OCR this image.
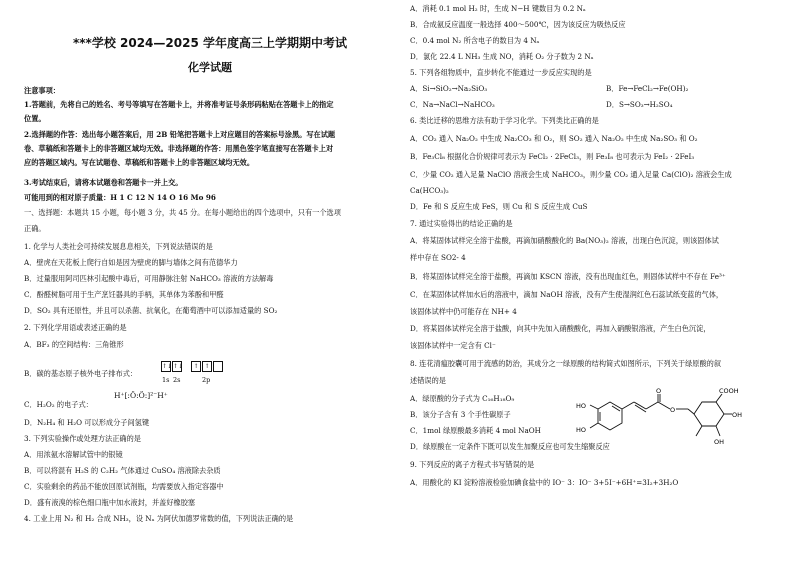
***学校 2024—2025 学年度高三上学期期中考试
化学试题
注意事项：
1.答题前，先将自己的姓名、考号等填写在答题卡上，并将准考证号条形码粘贴在答题卡上的指定
位置。
2.选择题的作答：选出每小题答案后，用 2B 铅笔把答题卡上对应题目的答案标号涂黑。写在试题
卷、草稿纸和答题卡上的非答题区域均无效。非选择题的作答：用黑色签字笔直接写在答题卡上对
应的答题区域内。写在试题卷、草稿纸和答题卡上的非答题区域均无效。
3.考试结束后，请将本试题卷和答题卡一并上交。
可能用到的相对原子质量：H 1 C 12 N 14 O 16 Mo 96
一、选择题：本题共 15 小题，每小题 3 分，共 45 分。在每小题给出的四个选项中，只有一个选项
正确。
1. 化学与人类社会可持续发展息息相关，下列说法错误的是
A．壁虎在天花板上爬行自如是因为壁虎的脚与墙体之间有范德华力
B．过量服用阿司匹林引起酸中毒后，可用静脉注射 NaHCO₃ 溶液的方法解毒
C．酚醛树脂可用于生产烹饪器具的手柄，其单体为苯酚和甲醛
D．SO₂ 具有还原性，并且可以杀菌、抗氧化，在葡萄酒中可以添加适量的 SO₂
2. 下列化学用语或表述正确的是
A．BF₃ 的空间结构：三角锥形
B．碳的基态原子核外电子排布式：
↑↓↑↓ ↑ ↑
1s 2s	2p
C．H₂O₂ 的电子式：
H⁺[:Ö:Ö:]²⁻H⁺
D．N₂H₄ 和 H₂O 可以形成分子间氢键
3. 下列实验操作或处理方法正确的是
A．用浓氨水溶解试管中的银镜
B．可以将混有 H₂S 的 C₂H₂ 气体通过 CuSO₄ 溶液除去杂质
C．实验剩余的药品不能放回原试剂瓶，均需要放入指定容器中
D．盛有液溴的棕色细口瓶中加水液封，并盖好橡胶塞
4. 工业上用 N₂ 和 H₂ 合成 NH₃，设 Nₐ 为阿伏加德罗常数的值，下列说法正确的是
A．消耗 0.1 mol H₂ 时，生成 N−H 键数目为 0.2 Nₐ
B．合成氨反应温度一般选择 400～500℃，因为该反应为吸热反应
C．0.4 mol N₂ 所含电子的数目为 4 Nₐ
D．氯化 22.4 L NH₃ 生成 NO，消耗 O₂ 分子数为 2 Nₐ
5. 下列各组物质中，直步转化不能通过一步反应实现的是
A．Si→SiO₂→Na₂SiO₃	B．Fe→FeCl₂→Fe(OH)₂
C．Na→NaCl→NaHCO₃	D．S→SO₃→H₂SO₄
6. 类比迁移的思维方法有助于学习化学。下列类比正确的是
A．CO₂ 通入 Na₂O₂ 中生成 Na₂CO₃ 和 O₂，则 SO₂ 通入 Na₂O₂ 中生成 Na₂SO₃ 和 O₂
B．Fe₃Cl₈ 根据化合价规律可表示为 FeCl₂ · 2FeCl₃，则 Fe₃I₈ 也可表示为 FeI₂ · 2FeI₃
C．少量 CO₂ 通入足量 NaClO 溶液会生成 NaHCO₃，则少量 CO₂ 通入足量 Ca(ClO)₂ 溶液会生成
Ca(HCO₃)₂
D．Fe 和 S 反应生成 FeS，则 Cu 和 S 反应生成 CuS
7. 通过实验得出的结论正确的是
A．将某固体试样完全溶于盐酸，再滴加硝酸酸化的 Ba(NO₃)₂ 溶液，出现白色沉淀，则该固体试
样中存在 SO2- 4
B．将某固体试样完全溶于盐酸，再滴加 KSCN 溶液，没有出现血红色，则固体试样中不存在 Fe³⁺
C．在某固体试样加水后的溶液中，滴加 NaOH 溶液，没有产生使湿润红色石蕊试纸变蓝的气体，
该固体试样中仍可能存在 NH+ 4
D．将某固体试样完全溶于盐酸，向其中先加入硝酸酸化，再加入硝酸银溶液，产生白色沉淀，
该固体试样中一定含有 Cl⁻
8. 连花清瘟胶囊可用于流感的防治，其成分之一绿原酸的结构简式如图所示，下列关于绿原酸的叙
述错误的是
A．绿原酸的分子式为 C₁₆H₁₈O₉
B．该分子含有 3 个手性碳原子
C．1mol 绿原酸最多消耗 4 mol NaOH
D．绿原酸在一定条件下既可以发生加聚反应也可发生缩聚反应
9. 下列反应的离子方程式书写错误的是
A．用酸化的 KI 淀粉溶液检验加碘食盐中的 IO⁻ 3：IO⁻ 3+5I⁻+6H⁺=3I₂+3H₂O
HO
HO
O
O	COOH
OH
OH
